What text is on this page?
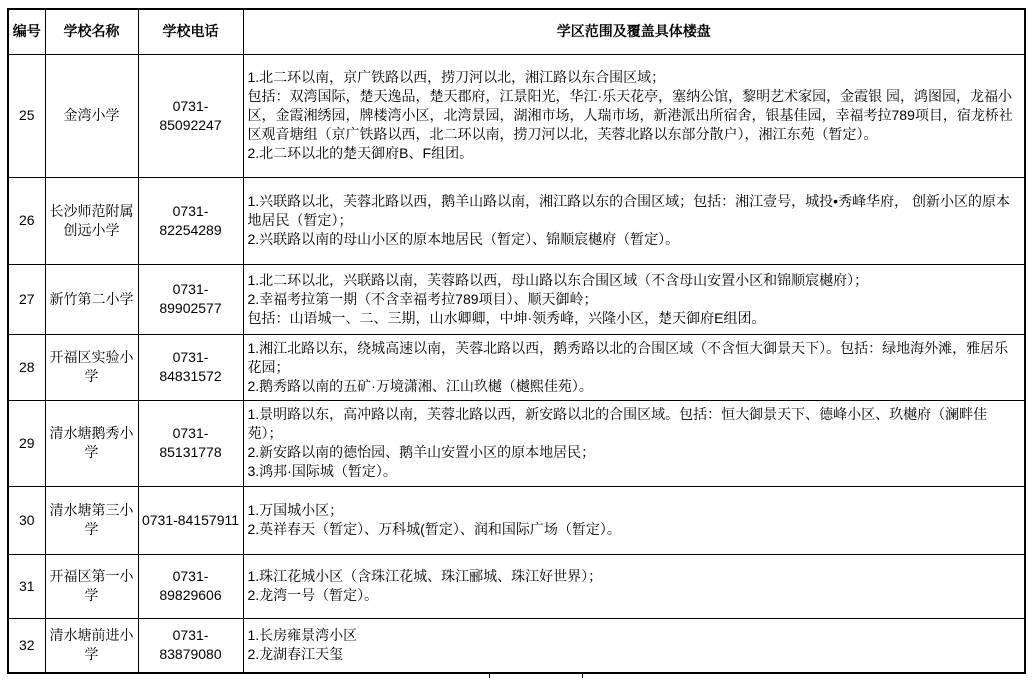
编号	学校名称	学校电话	学区范围及覆盖具体楼盘
25	金湾小学	0731-85092247	1.北二环以南，京广铁路以西，捞刀河以北，湘江路以东合围区域；
包括：双湾国际，楚天逸品，楚天郡府，江景阳光，华江·乐天花亭，塞纳公馆，黎明艺术家园，金霞银 园，鸿图园，龙福小区，金霞湘绣园，牌楼湾小区，北湾景园，湖湘市场，人瑞市场，新港派出所宿舍，银基佳园，幸福考拉789项目，宿龙桥社区观音塘组（京广铁路以西，北二环以南，捞刀河以北，芙蓉北路以东部分散户），湘江东苑（暂定）。
2.北二环以北的楚天御府B、F组团。

26	长沙师范附属创远小学	0731-82254289	1.兴联路以北，芙蓉北路以西，鹅羊山路以南，湘江路以东的合围区域；包括：湘江壹号，城投•秀峰华府， 创新小区的原本地居民（暂定）；
2.兴联路以南的母山小区的原本地居民（暂定）、锦顺宸樾府（暂定）。

27	新竹第二小学	0731-89902577	1.北二环以北，兴联路以南，芙蓉路以西，母山路以东合围区域（不含母山安置小区和锦顺宸樾府）；
2.幸福考拉第一期（不含幸福考拉789项目）、顺天御岭；
包括：山语城一、二、三期，山水卿卿，中坤·领秀峰，兴隆小区，楚天御府E组团。

28	开福区实验小学	0731-84831572	1.湘江北路以东，绕城高速以南，芙蓉北路以西，鹅秀路以北的合围区域（不含恒大御景天下）。包括：绿地海外滩，雅居乐花园；
2.鹅秀路以南的五矿·万境潇湘、江山玖樾（樾熙佳苑）。

29	清水塘鹅秀小学	0731-85131778	1.景明路以东，高冲路以南，芙蓉北路以西，新安路以北的合围区域。包括：恒大御景天下、德峰小区、玖樾府（澜畔佳苑）；
2.新安路以南的德怡园、鹅羊山安置小区的原本地居民；
3.鸿邦·国际城（暂定）。

30	清水塘第三小学	0731-84157911	1.万国城小区；
2.英祥春天（暂定）、万科城(暂定）、润和国际广场（暂定）。

31	开福区第一小学	0731-89829606	1.珠江花城小区（含珠江花城、珠江郦城、珠江好世界）；
2.龙湾一号（暂定）。

32	清水塘前进小学	0731-83879080	1.长房雍景湾小区
2.龙湖春江天玺
